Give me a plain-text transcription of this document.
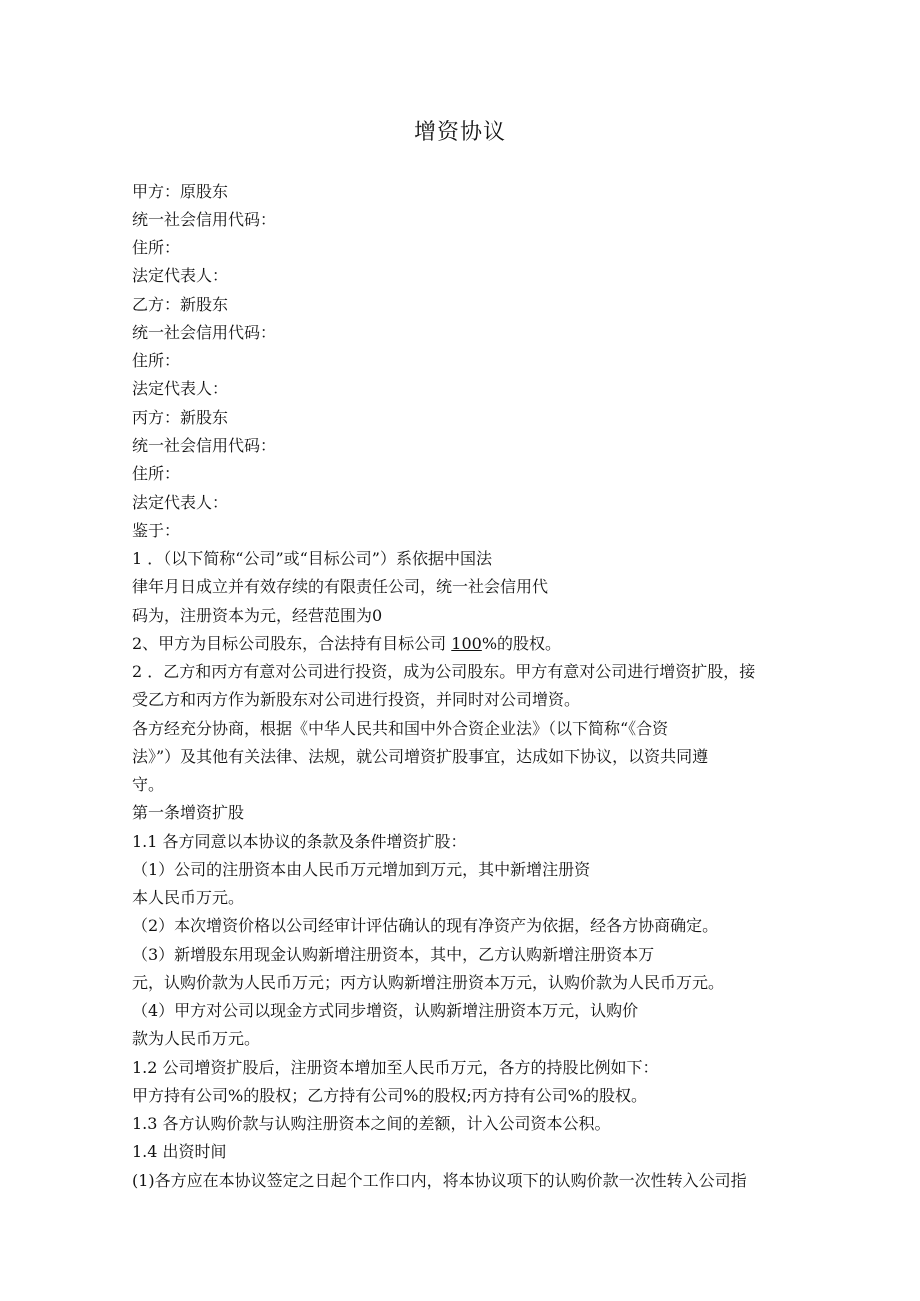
增资协议
甲方：原股东
统一社会信用代码：
住所：
法定代表人：
乙方：新股东
统一社会信用代码：
住所：
法定代表人：
丙方：新股东
统一社会信用代码：
住所：
法定代表人：
鉴于：
1 ．（以下简称“公司”或“目标公司”）系依据中国法
律年月日成立并有效存续的有限责任公司，统一社会信用代
码为，注册资本为元，经营范围为0
2、甲方为目标公司股东，合法持有目标公司 100%的股权。
2 ．乙方和丙方有意对公司进行投资，成为公司股东。甲方有意对公司进行增资扩股，接
受乙方和丙方作为新股东对公司进行投资，并同时对公司增资。
各方经充分协商，根据《中华人民共和国中外合资企业法》（以下简称“《合资
法》”）及其他有关法律、法规，就公司增资扩股事宜，达成如下协议，以资共同遵
守。
第一条增资扩股
1.1 各方同意以本协议的条款及条件增资扩股：
（1）公司的注册资本由人民币万元增加到万元，其中新增注册资
本人民币万元。
（2）本次增资价格以公司经审计评估确认的现有净资产为依据，经各方协商确定。
（3）新增股东用现金认购新增注册资本，其中，乙方认购新增注册资本万
元，认购价款为人民币万元；丙方认购新增注册资本万元，认购价款为人民币万元。
（4）甲方对公司以现金方式同步增资，认购新增注册资本万元，认购价
款为人民币万元。
1.2 公司增资扩股后，注册资本增加至人民币万元，各方的持股比例如下：
甲方持有公司%的股权；乙方持有公司%的股权;丙方持有公司%的股权。
1.3 各方认购价款与认购注册资本之间的差额，计入公司资本公积。
1.4 出资时间
(1)各方应在本协议签定之日起个工作口内，将本协议项下的认购价款一次性转入公司指
